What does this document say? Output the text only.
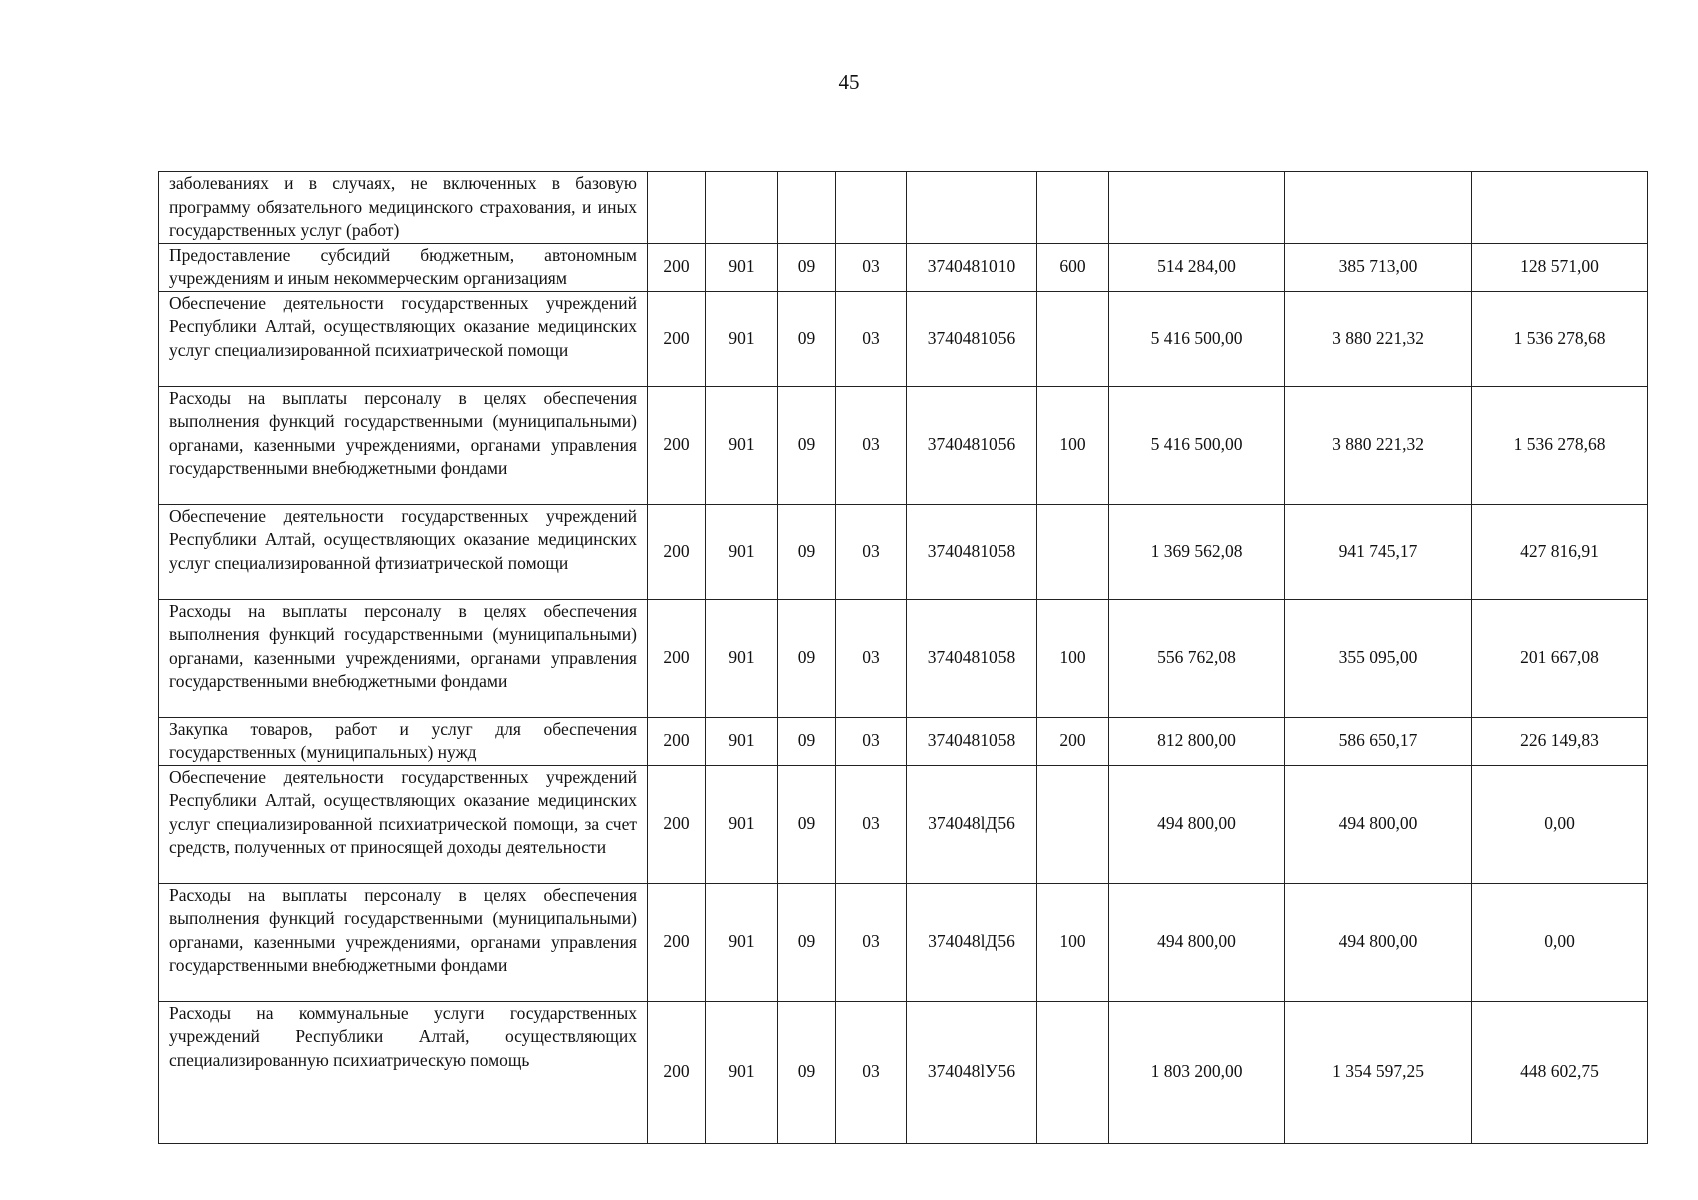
45
заболеваниях и в случаях, не включенных в базовую программу обязательного медицинского страхования, и иных государственных услуг (работ)									
Предоставление субсидий бюджетным, автономным учреждениям и иным некоммерческим организациям	200	901	09	03	3740481010	600	514 284,00	385 713,00	128 571,00
Обеспечение деятельности государственных учреждений Республики Алтай, осуществляющих оказание медицинских услуг специализированной психиатрической помощи	200	901	09	03	3740481056		5 416 500,00	3 880 221,32	1 536 278,68
Расходы на выплаты персоналу в целях обеспечения выполнения функций государственными (муниципальными) органами, казенными учреждениями, органами управления государственными внебюджетными фондами	200	901	09	03	3740481056	100	5 416 500,00	3 880 221,32	1 536 278,68
Обеспечение деятельности государственных учреждений Республики Алтай, осуществляющих оказание медицинских услуг специализированной фтизиатрической помощи	200	901	09	03	3740481058		1 369 562,08	941 745,17	427 816,91
Расходы на выплаты персоналу в целях обеспечения выполнения функций государственными (муниципальными) органами, казенными учреждениями, органами управления государственными внебюджетными фондами	200	901	09	03	3740481058	100	556 762,08	355 095,00	201 667,08
Закупка товаров, работ и услуг для обеспечения государственных (муниципальных) нужд	200	901	09	03	3740481058	200	812 800,00	586 650,17	226 149,83
Обеспечение деятельности государственных учреждений Республики Алтай, осуществляющих оказание медицинских услуг специализированной психиатрической помощи, за счет средств, полученных от приносящей доходы деятельности	200	901	09	03	374048lД56		494 800,00	494 800,00	0,00
Расходы на выплаты персоналу в целях обеспечения выполнения функций государственными (муниципальными) органами, казенными учреждениями, органами управления государственными внебюджетными фондами	200	901	09	03	374048lД56	100	494 800,00	494 800,00	0,00
Расходы на коммунальные услуги государственных учреждений Республики Алтай, осуществляющих специализированную психиатрическую помощь	200	901	09	03	374048lУ56		1 803 200,00	1 354 597,25	448 602,75
